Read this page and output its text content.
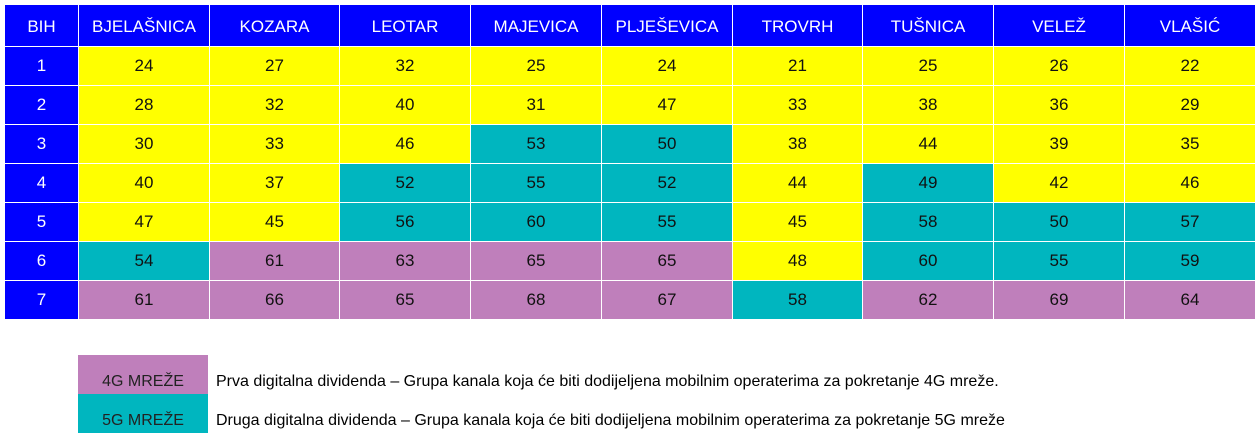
BIH	BJELAŠNICA	KOZARA	LEOTAR	MAJEVICA	PLJEŠEVICA	TROVRH	TUŠNICA	VELEŽ	VLAŠIĆ
1	24	27	32	25	24	21	25	26	22
2	28	32	40	31	47	33	38	36	29
3	30	33	46	53	50	38	44	39	35
4	40	37	52	55	52	44	49	42	46
5	47	45	56	60	55	45	58	50	57
6	54	61	63	65	65	48	60	55	59
7	61	66	65	68	67	58	62	69	64
4G MREŽE	Prva digitalna dividenda – Grupa kanala koja će biti dodijeljena mobilnim operaterima za pokretanje 4G mreže.
5G MREŽE	Druga digitalna dividenda – Grupa kanala koja će biti dodijeljena mobilnim operaterima za pokretanje 5G mreže
